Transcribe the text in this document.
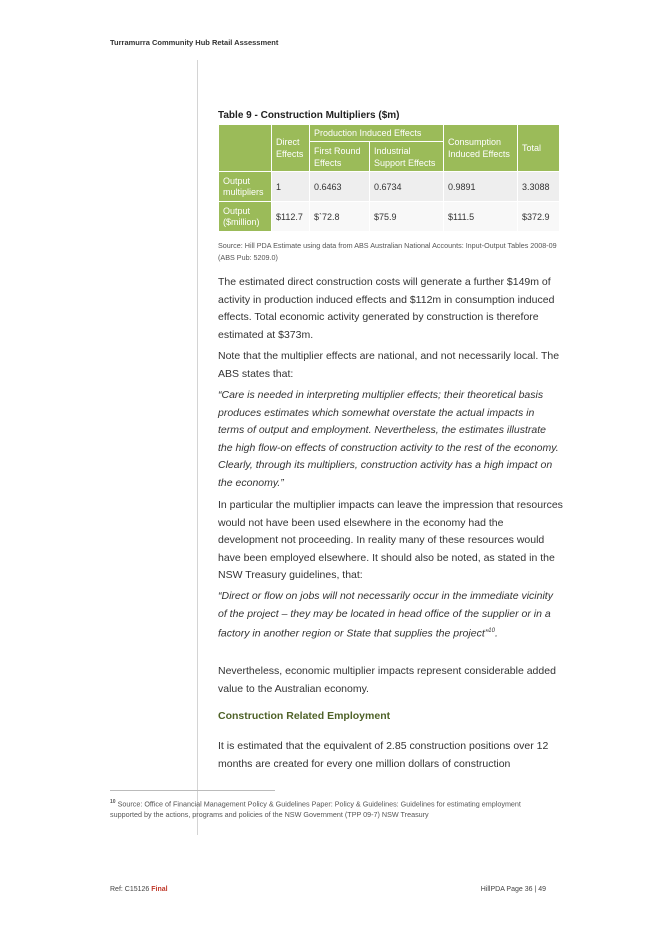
Turramurra Community Hub Retail Assessment
Table 9 - Construction Multipliers ($m)
	Direct Effects	Production Induced Effects		Consumption Induced Effects	Total
		First Round Effects	Industrial Support Effects		
Output multipliers	1	0.6463	0.6734	0.9891	3.3088
Output ($million)	$112.7	$`72.8	$75.9	$111.5	$372.9
Source: Hill PDA Estimate using data from ABS Australian National Accounts: Input-Output Tables 2008-09 (ABS Pub: 5209.0)

The estimated direct construction costs will generate a further $149m of activity in production induced effects and $112m in consumption induced effects. Total economic activity generated by construction is therefore estimated at $373m.

Note that the multiplier effects are national, and not necessarily local. The ABS states that:

“Care is needed in interpreting multiplier effects; their theoretical basis produces estimates which somewhat overstate the actual impacts in terms of output and employment. Nevertheless, the estimates illustrate the high flow-on effects of construction activity to the rest of the economy. Clearly, through its multipliers, construction activity has a high impact on the economy.”

In particular the multiplier impacts can leave the impression that resources would not have been used elsewhere in the economy had the development not proceeding. In reality many of these resources would have been employed elsewhere. It should also be noted, as stated in the NSW Treasury guidelines, that:

“Direct or flow on jobs will not necessarily occur in the immediate vicinity of the project – they may be located in head office of the supplier or in a factory in another region or State that supplies the project”$^{10}$.

Nevertheless, economic multiplier impacts represent considerable added value to the Australian economy.

Construction Related Employment

It is estimated that the equivalent of 2.85 construction positions over 12 months are created for every one million dollars of construction

$^{10}$ Source: Office of Financial Management Policy & Guidelines Paper: Policy & Guidelines: Guidelines for estimating employment supported by the actions, programs and policies of the NSW Government (TPP 09-7) NSW Treasury
Ref: C15126 Final	HillPDA Page 36 | 49
